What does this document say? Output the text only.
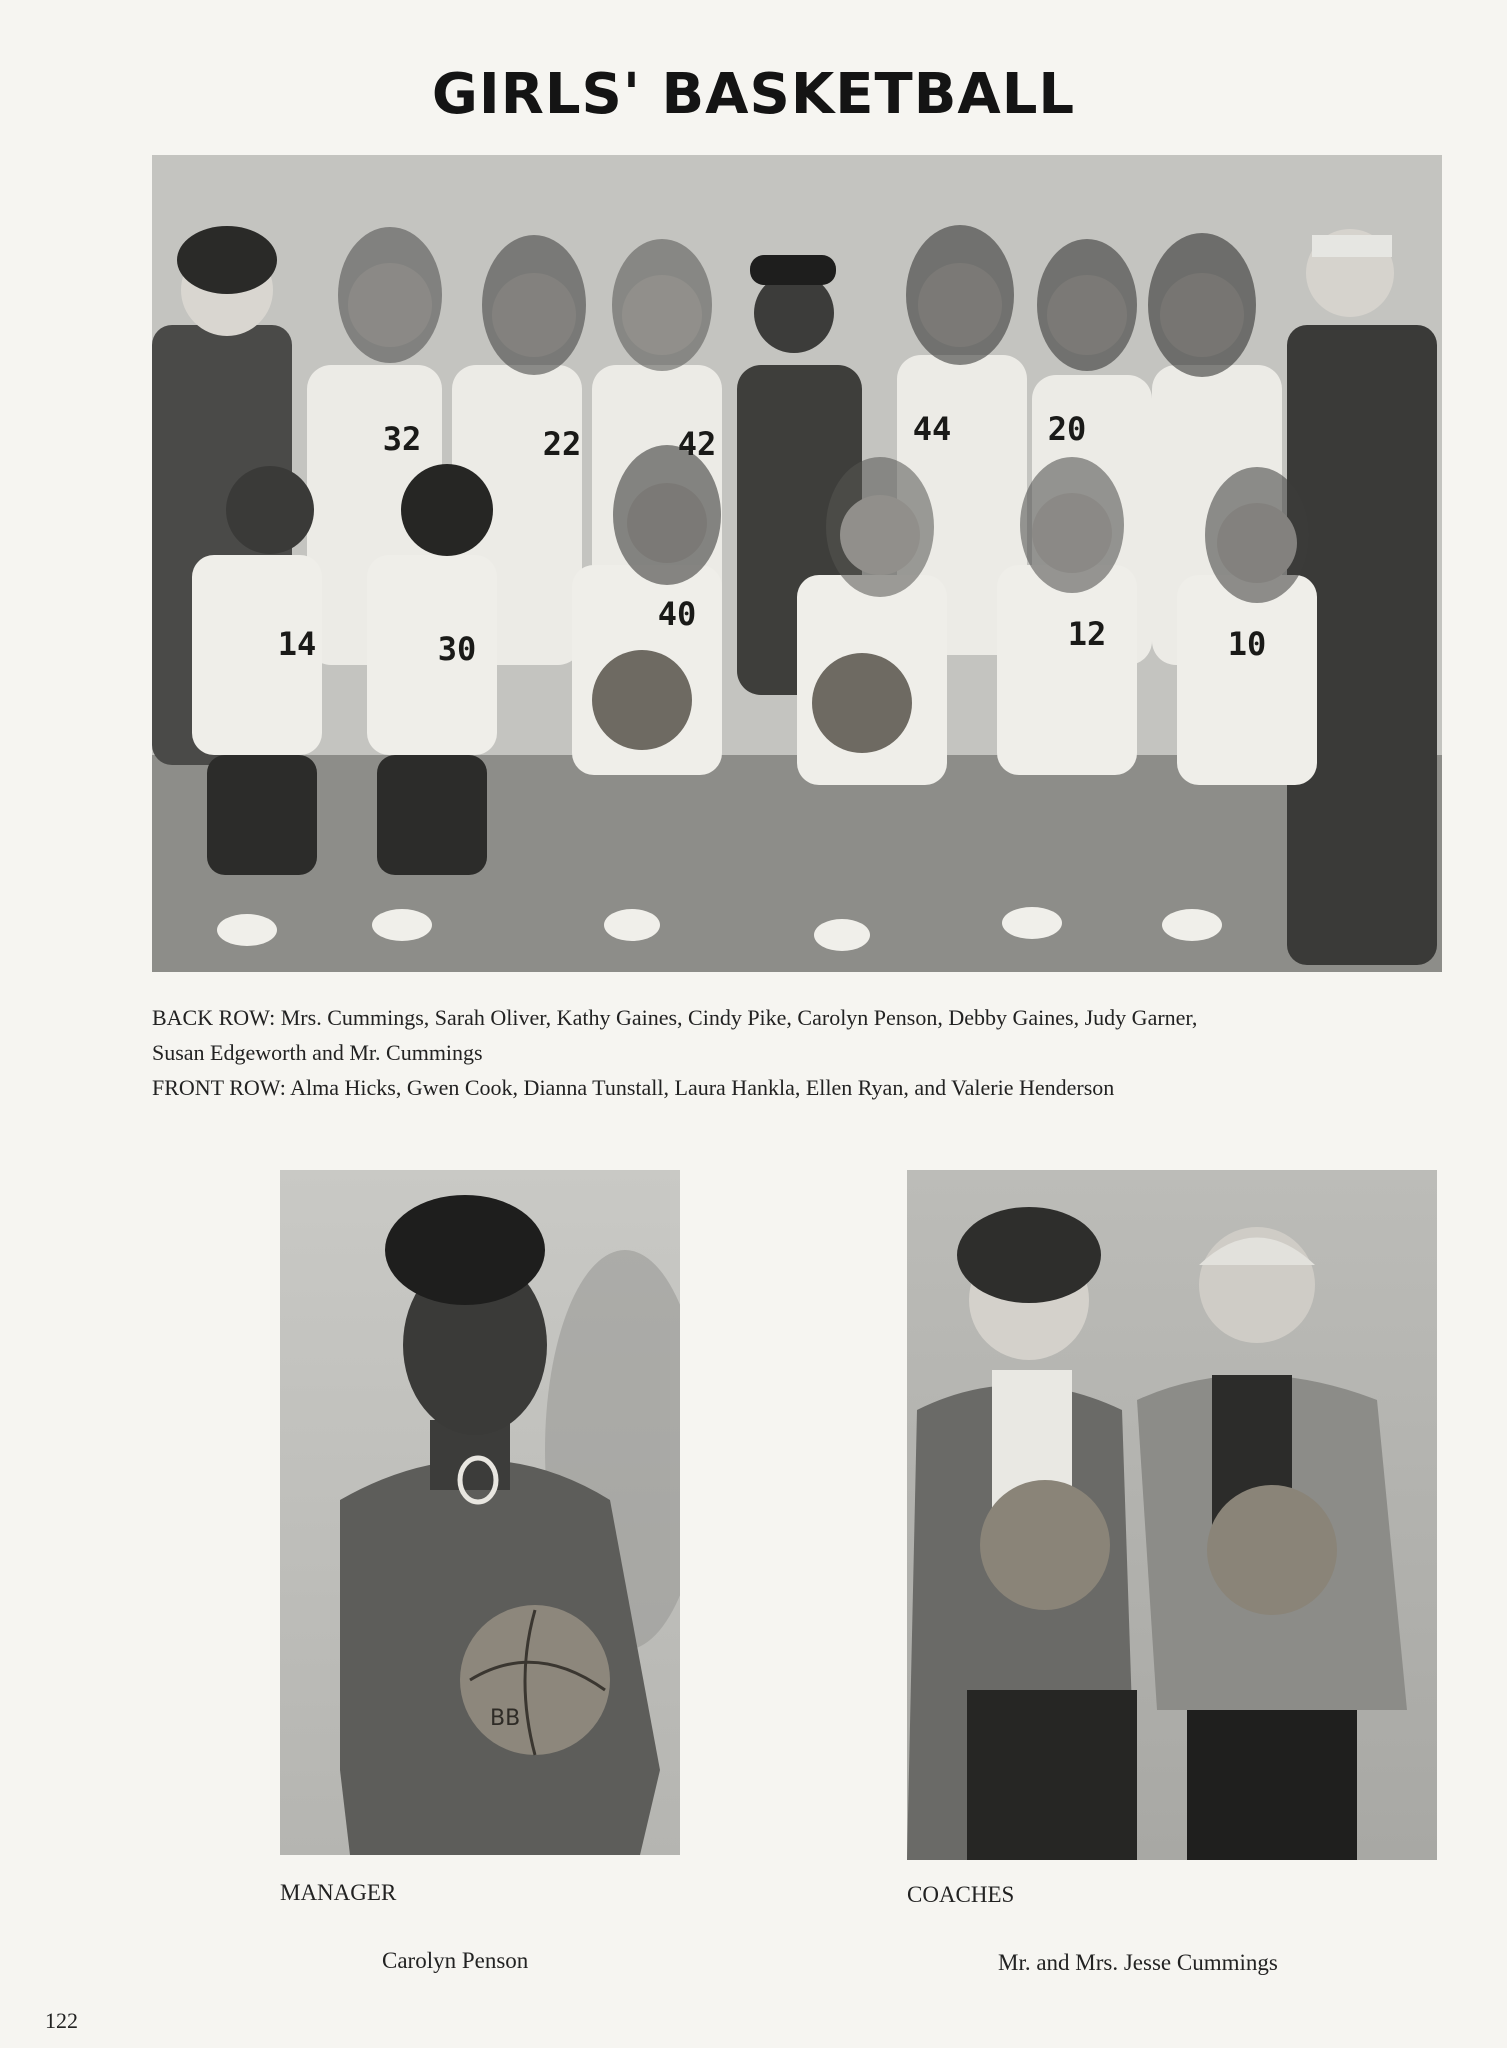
GIRLS' BASKETBALL
32	22	42	44	20
14	30
40
12	10
BACK ROW: Mrs. Cummings, Sarah Oliver, Kathy Gaines, Cindy Pike, Carolyn Penson, Debby Gaines, Judy Garner,
Susan Edgeworth and Mr. Cummings
FRONT ROW: Alma Hicks, Gwen Cook, Dianna Tunstall, Laura Hankla, Ellen Ryan, and Valerie Henderson
BB
MANAGER
Carolyn Penson
COACHES
Mr. and Mrs. Jesse Cummings
122
